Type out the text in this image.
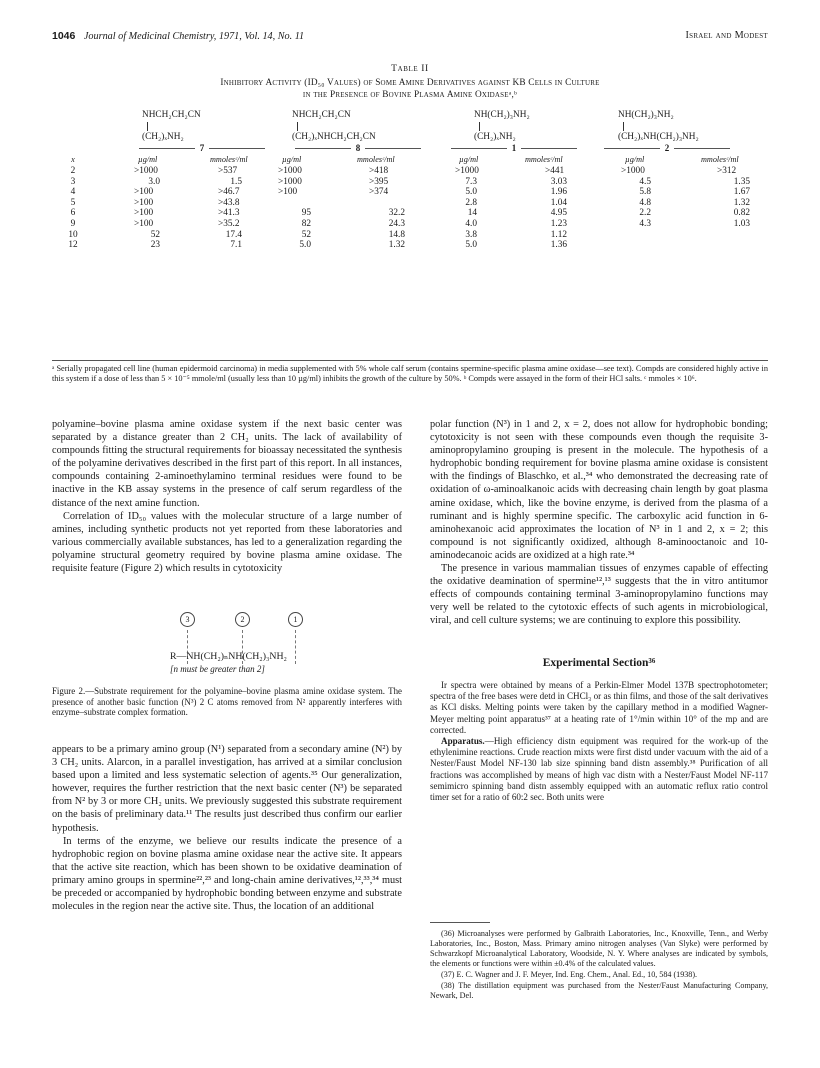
1046 Journal of Medicinal Chemistry, 1971, Vol. 14, No. 11	Israel and Modest
Table II
Inhibitory Activity (ID₅₀ Values) of Some Amine Derivatives against KB Cells in Culture
in the Presence of Bovine Plasma Amine Oxidaseᵃ,ᵇ
NHCH₂CH₂CN
(CH₂)ₓNH₂
NHCH₂CH₂CN
(CH₂)ₓNHCH₂CH₂CN
NH(CH₂)₃NH₂
(CH₂)ₓNH₂
NH(CH₂)₃NH₂
(CH₂)ₓNH(CH₂)₃NH₂
7	8	1	2
x	µg/ml	mmolesᶜ/ml	µg/ml	mmolesᶜ/ml	µg/ml	mmolesᶜ/ml	µg/ml	mmolesᶜ/ml
2	>1000	>537	>1000	>418	>1000	>441	>1000	>312
3	3.0	1.5	>1000	>395	7.3	3.03	4.5	1.35
4	>100	>46.7	>100	>374	5.0	1.96	5.8	1.67
5	>100	>43.8			2.8	1.04	4.8	1.32
6	>100	>41.3	95	32.2	14	4.95	2.2	0.82
9	>100	>35.2	82	24.3	4.0	1.23	4.3	1.03
10	52	17.4	52	14.8	3.8	1.12		
12	23	7.1	5.0	1.32	5.0	1.36		
ᵃ Serially propagated cell line (human epidermoid carcinoma) in media supplemented with 5% whole calf serum (contains spermine-specific plasma amine oxidase—see text). Compds are considered highly active in this system if a dose of less than 5 × 10⁻⁵ mmole/ml (usually less than 10 µg/ml) inhibits the growth of the culture by 50%. ᵇ Compds were assayed in the form of their HCl salts. ᶜ mmoles × 10⁶.

polyamine–bovine plasma amine oxidase system if the next basic center was separated by a distance greater than 2 CH₂ units. The lack of availability of compounds fitting the structural requirements for bioassay necessitated the synthesis of the polyamine derivatives described in the first part of this report. In all instances, compounds containing 2-aminoethylamino terminal residues were found to be inactive in the KB assay systems in the presence of calf serum regardless of the distance of the next amine function.

Correlation of ID₅₀ values with the molecular structure of a large number of amines, including synthetic products not yet reported from these laboratories and various commercially available substances, has led to a generalization regarding the polyamine structural geometry required by bovine plasma amine oxidase. The requisite feature (Figure 2) which results in cytotoxicity

3	2	1
R—NH(CH₂)ₙNH(CH₂)₃NH₂
[n must be greater than 2]
Figure 2.—Substrate requirement for the polyamine–bovine plasma amine oxidase system. The presence of another basic function (N³) 2 C atoms removed from N² apparently interferes with enzyme–substrate complex formation.

appears to be a primary amino group (N¹) separated from a secondary amine (N²) by 3 CH₂ units. Alarcon, in a parallel investigation, has arrived at a similar conclusion based upon a limited and less systematic selection of agents.³⁵ Our generalization, however, requires the further restriction that the next basic center (N³) be separated from N² by 3 or more CH₂ units. We previously suggested this substrate requirement on the basis of preliminary data.¹¹ The results just described thus confirm our earlier hypothesis.

In terms of the enzyme, we believe our results indicate the presence of a hydrophobic region on bovine plasma amine oxidase near the active site. It appears that the active site reaction, which has been shown to be oxidative deamination of primary amino groups in spermine²²,²³ and long-chain amine derivatives,¹²,³³,³⁴ must be preceded or accompanied by hydrophobic bonding between enzyme and substrate molecules in the region near the active site. Thus, the location of an additional

polar function (N³) in 1 and 2, x = 2, does not allow for hydrophobic bonding; cytotoxicity is not seen with these compounds even though the requisite 3-aminopropylamino grouping is present in the molecule. The hypothesis of a hydrophobic bonding requirement for bovine plasma amine oxidase is consistent with the findings of Blaschko, et al.,³⁴ who demonstrated the decreasing rate of oxidation of ω-aminoalkanoic acids with decreasing chain length by goat plasma amine oxidase, which, like the bovine enzyme, is derived from the plasma of a ruminant and is highly spermine specific. The carboxylic acid function in 6-aminohexanoic acid approximates the location of N³ in 1 and 2, x = 2; this compound is not significantly oxidized, although 8-aminooctanoic and 10-aminodecanoic acids are oxidized at a high rate.³⁴

The presence in various mammalian tissues of enzymes capable of effecting the oxidative deamination of spermine¹²,¹³ suggests that the in vitro antitumor effects of compounds containing terminal 3-aminopropylamino functions may very well be related to the cytotoxic effects of such agents in microbiological, viral, and cell culture systems; we are continuing to explore this possibility.

Experimental Section³⁶

Ir spectra were obtained by means of a Perkin-Elmer Model 137B spectrophotometer; spectra of the free bases were detd in CHCl₃ or as thin films, and those of the salt derivatives as KCl disks. Melting points were taken by the capillary method in a modified Wagner-Meyer melting point apparatus³⁷ at a heating rate of 1°/min within 10° of the mp and are corrected.

Apparatus.—High efficiency distn equipment was required for the work-up of the ethylenimine reactions. Crude reaction mixts were first distd under vacuum with the aid of a Nester/Faust Model NF-130 lab size spinning band distn assembly.³⁸ Purification of all fractions was accomplished by means of high vac distn with a Nester/Faust Model NF-117 semimicro spinning band distn assembly equipped with an automatic reflux ratio control timer set for a ratio of 60:2 sec. Both units were

(36) Microanalyses were performed by Galbraith Laboratories, Inc., Knoxville, Tenn., and Werby Laboratories, Inc., Boston, Mass. Primary amino nitrogen analyses (Van Slyke) were performed by Schwarzkopf Microanalytical Laboratory, Woodside, N. Y. Where analyses are indicated by symbols, the elements or functions were within ±0.4% of the calculated values.

(37) E. C. Wagner and J. F. Meyer, Ind. Eng. Chem., Anal. Ed., 10, 584 (1938).

(38) The distillation equipment was purchased from the Nester/Faust Manufacturing Company, Newark, Del.
